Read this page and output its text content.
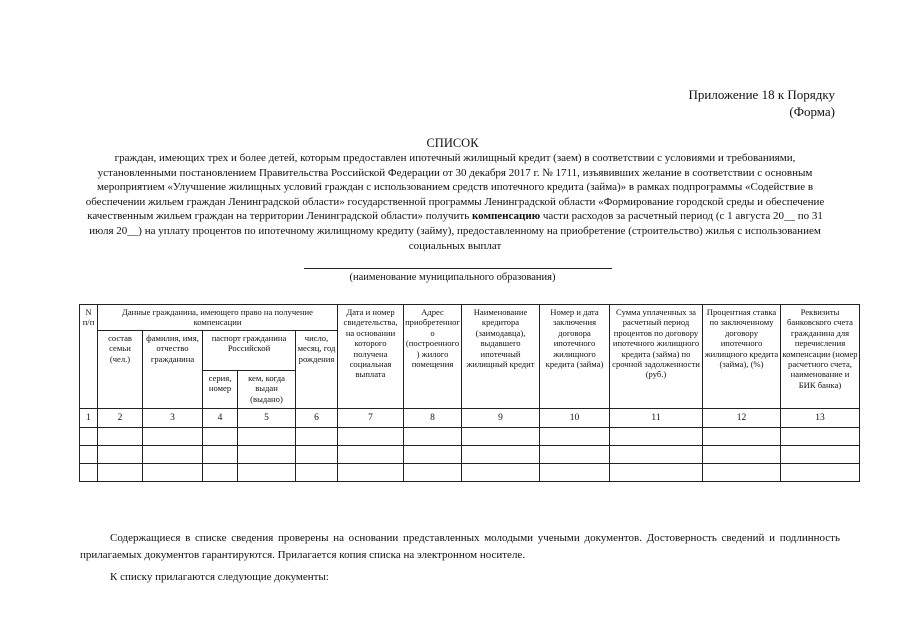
Приложение 18 к Порядку
(Форма)
СПИСОК
граждан, имеющих трех и более детей, которым предоставлен ипотечный жилищный кредит (заем) в соответствии с условиями и требованиями, установленными постановлением Правительства Российской Федерации от 30 декабря 2017 г. № 1711, изъявивших желание в соответствии с основным мероприятием «Улучшение жилищных условий граждан с использованием средств ипотечного кредита (займа)» в рамках подпрограммы «Содействие в обеспечении жильем граждан Ленинградской области» государственной программы Ленинградской области «Формирование городской среды и обеспечение качественным жильем граждан на территории Ленинградской области» получить компенсацию части расходов за расчетный период (с 1 августа 20__ по 31 июля 20__) на уплату процентов по ипотечному жилищному кредиту (займу), предоставленному на приобретение (строительство) жилья с использованием социальных выплат
(наименование муниципального образования)
N п/п	Данные гражданина, имеющего право на получение компенсации					Дата и номер свидетельства, на основании которого получена социальная выплата	Адрес приобретенного (построенного) жилого помещения	Наименование кредитора (заимодавца), выдавшего ипотечный жилищный кредит	Номер и дата заключения договора ипотечного жилищного кредита (займа)	Сумма уплаченных за расчетный период процентов по договору ипотечного жилищного кредита (займа) по срочной задолженности (руб.)	Процентная ставка по заключенному договору ипотечного жилищного кредита (займа), (%)	Реквизиты банковского счета гражданина для перечисления компенсации (номер расчетного счета, наименование и БИК банка)
	состав семьи (чел.)	фамилия, имя, отчество гражданина	паспорт гражданина Российской		число, месяц, год рождения							
			серия, номер	кем, когда выдан (выдано)								
1	2	3	4	5	6	7	8	9	10	11	12	13

Содержащиеся в списке сведения проверены на основании представленных молодыми учеными документов. Достоверность сведений и подлинность прилагаемых документов гарантируются. Прилагается копия списка на электронном носителе.
К списку прилагаются следующие документы:
